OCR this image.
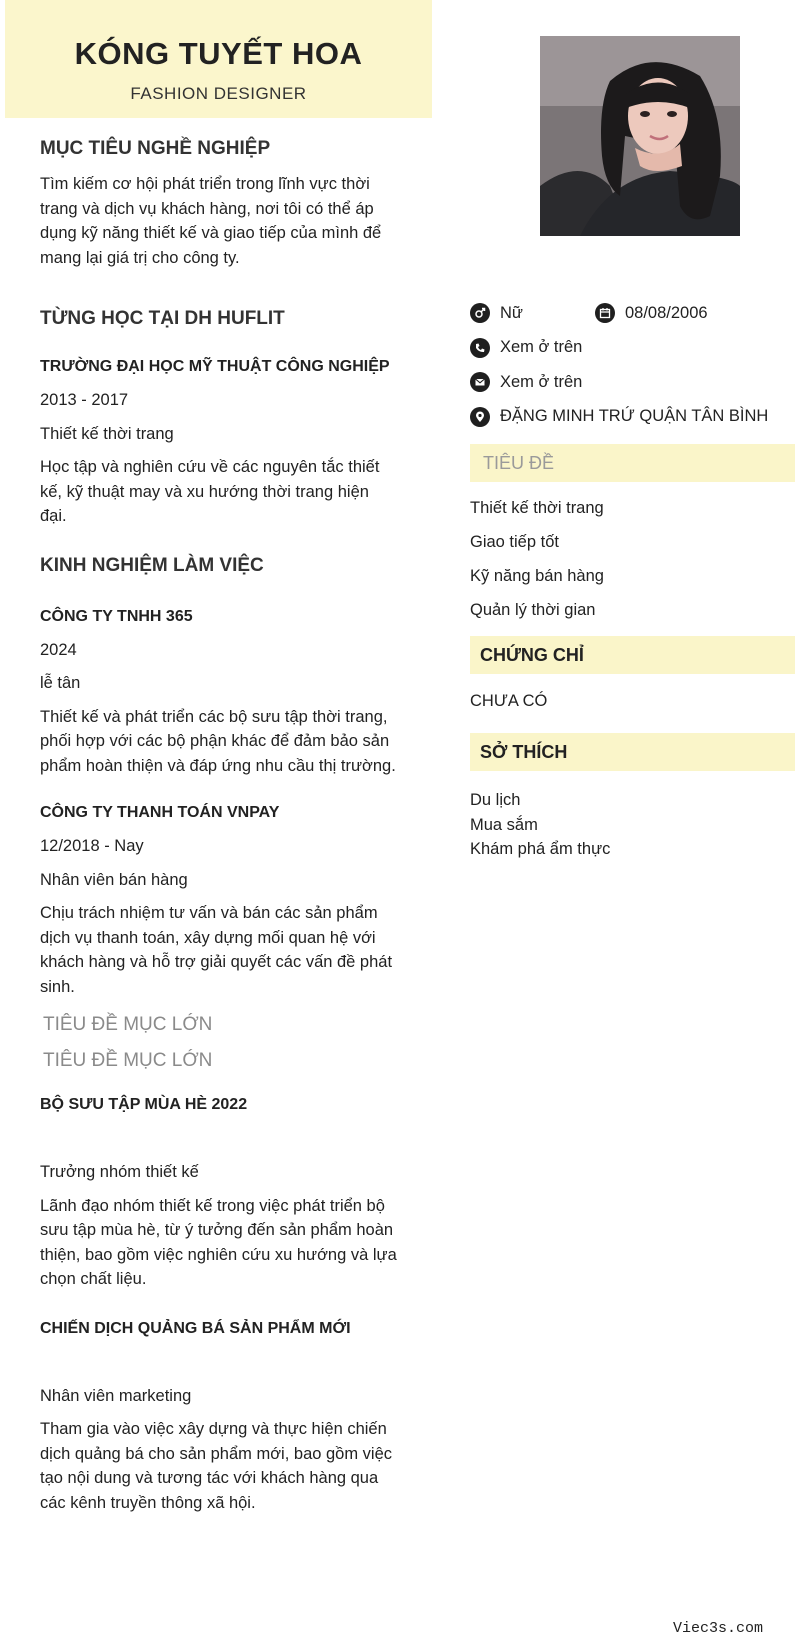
KÓNG TUYẾT HOA
FASHION DESIGNER
MỤC TIÊU NGHỀ NGHIỆP

Tìm kiếm cơ hội phát triển trong lĩnh vực thời trang và dịch vụ khách hàng, nơi tôi có thể áp dụng kỹ năng thiết kế và giao tiếp của mình để mang lại giá trị cho công ty.

TỪNG HỌC TẠI DH HUFLIT
TRƯỜNG ĐẠI HỌC MỸ THUẬT CÔNG NGHIỆP

2013 - 2017

Thiết kế thời trang

Học tập và nghiên cứu về các nguyên tắc thiết kế, kỹ thuật may và xu hướng thời trang hiện đại.

KINH NGHIỆM LÀM VIỆC
CÔNG TY TNHH 365

2024

lễ tân

Thiết kế và phát triển các bộ sưu tập thời trang, phối hợp với các bộ phận khác để đảm bảo sản phẩm hoàn thiện và đáp ứng nhu cầu thị trường.

CÔNG TY THANH TOÁN VNPAY

12/2018 - Nay

Nhân viên bán hàng

Chịu trách nhiệm tư vấn và bán các sản phẩm dịch vụ thanh toán, xây dựng mối quan hệ với khách hàng và hỗ trợ giải quyết các vấn đề phát sinh.

TIÊU ĐỀ MỤC LỚN
TIÊU ĐỀ MỤC LỚN
BỘ SƯU TẬP MÙA HÈ 2022

Trưởng nhóm thiết kế

Lãnh đạo nhóm thiết kế trong việc phát triển bộ sưu tập mùa hè, từ ý tưởng đến sản phẩm hoàn thiện, bao gồm việc nghiên cứu xu hướng và lựa chọn chất liệu.

CHIẾN DỊCH QUẢNG BÁ SẢN PHẨM MỚI

Nhân viên marketing

Tham gia vào việc xây dựng và thực hiện chiến dịch quảng bá cho sản phẩm mới, bao gồm việc tạo nội dung và tương tác với khách hàng qua các kênh truyền thông xã hội.

Nữ	08/08/2006
Xem ở trên
Xem ở trên
ĐẶNG MINH TRỨ QUẬN TÂN BÌNH
TIÊU ĐỀ

Thiết kế thời trang

Giao tiếp tốt

Kỹ năng bán hàng

Quản lý thời gian

CHỨNG CHỈ

CHƯA CÓ

SỞ THÍCH

Du lịch

Mua sắm

Khám phá ẩm thực

Viec3s.com
